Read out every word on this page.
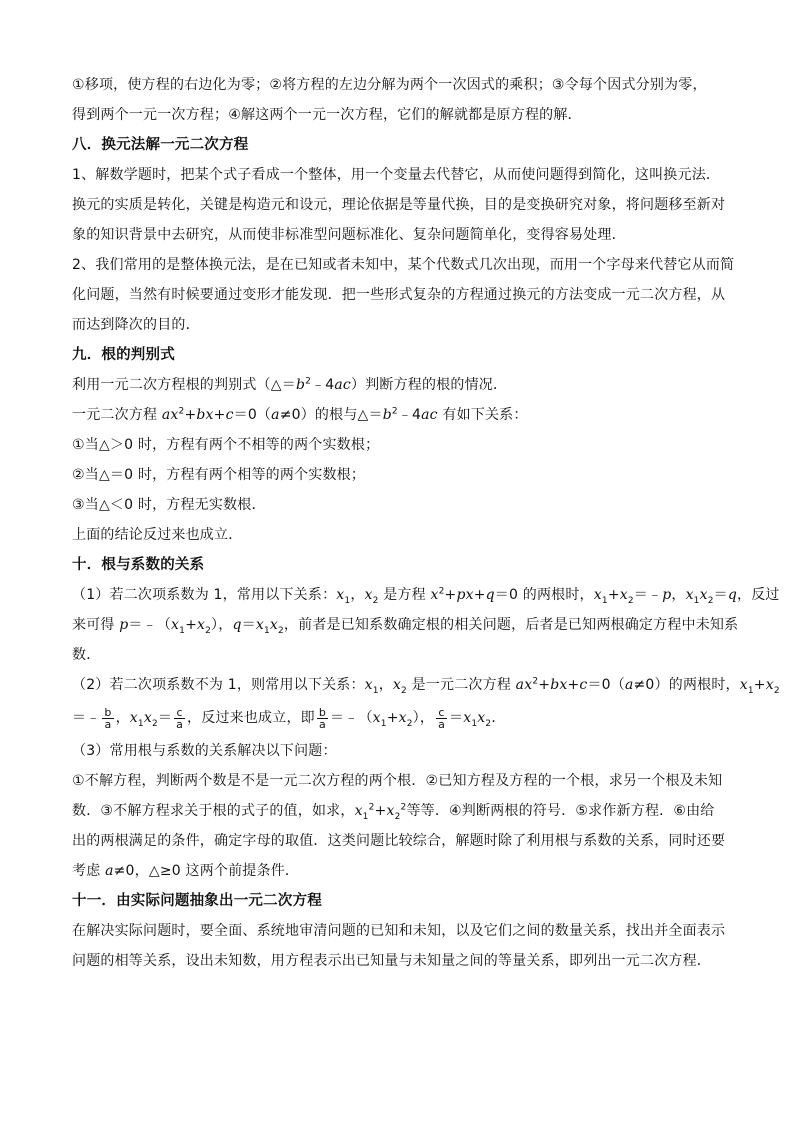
①移项，使方程的右边化为零；②将方程的左边分解为两个一次因式的乘积；③令每个因式分别为零，
得到两个一元一次方程；④解这两个一元一次方程，它们的解就都是原方程的解．
八．换元法解一元二次方程
1、解数学题时，把某个式子看成一个整体，用一个变量去代替它，从而使问题得到简化，这叫换元法．
换元的实质是转化，关键是构造元和设元，理论依据是等量代换，目的是变换研究对象，将问题移至新对
象的知识背景中去研究，从而使非标准型问题标准化、复杂问题简单化，变得容易处理．
2、我们常用的是整体换元法，是在已知或者未知中，某个代数式几次出现，而用一个字母来代替它从而简
化问题，当然有时候要通过变形才能发现．把一些形式复杂的方程通过换元的方法变成一元二次方程，从
而达到降次的目的．
九．根的判别式
利用一元二次方程根的判别式$(\triangle=b^2﹣4ac)$判断方程的根的情况．
一元二次方程 $ax^2+bx+c=0(a\ne 0)$的根与$\triangle=b^2﹣4ac$ 有如下关系：
①当△＞0 时，方程有两个不相等的两个实数根；
②当△＝0 时，方程有两个相等的两个实数根；
③当△＜0 时，方程无实数根．
上面的结论反过来也成立．
十．根与系数的关系
（1）若二次项系数为 1，常用以下关系：$x_1$，$x_2$ 是方程 $x^2+px+q=0$ 的两根时，$x_1+x_2=﹣p$，$x_1x_2=q$，反过
来可得 $p=﹣(x_1+x_2)$，$q=x_1x_2$，前者是已知系数确定根的相关问题，后者是已知两根确定方程中未知系
数．
（2）若二次项系数不为 1，则常用以下关系：$x_1$，$x_2$ 是一元二次方程 $ax^2+bx+c=0(a\ne 0)$的两根时，$x_1+x_2$
＝﹣ $\frac{b}{a}$ ，$x_1x_2= \frac{c}{a}$ ，反过来也成立，即 $\frac{b}{a}$ $=﹣(x_1+x_2)$， $\frac{c}{a} =x_1x_2$．
（3）常用根与系数的关系解决以下问题：
①不解方程，判断两个数是不是一元二次方程的两个根．②已知方程及方程的一个根，求另一个根及未知
数．③不解方程求关于根的式子的值，如求，$x_1^2+x_2^2$等等．④判断两根的符号．⑤求作新方程．⑥由给
出的两根满足的条件，确定字母的取值．这类问题比较综合，解题时除了利用根与系数的关系，同时还要
考虑 a≠0，△≥0 这两个前提条件．
十一．由实际问题抽象出一元二次方程
在解决实际问题时，要全面、系统地审清问题的已知和未知，以及它们之间的数量关系，找出并全面表示
问题的相等关系，设出未知数，用方程表示出已知量与未知量之间的等量关系，即列出一元二次方程．
